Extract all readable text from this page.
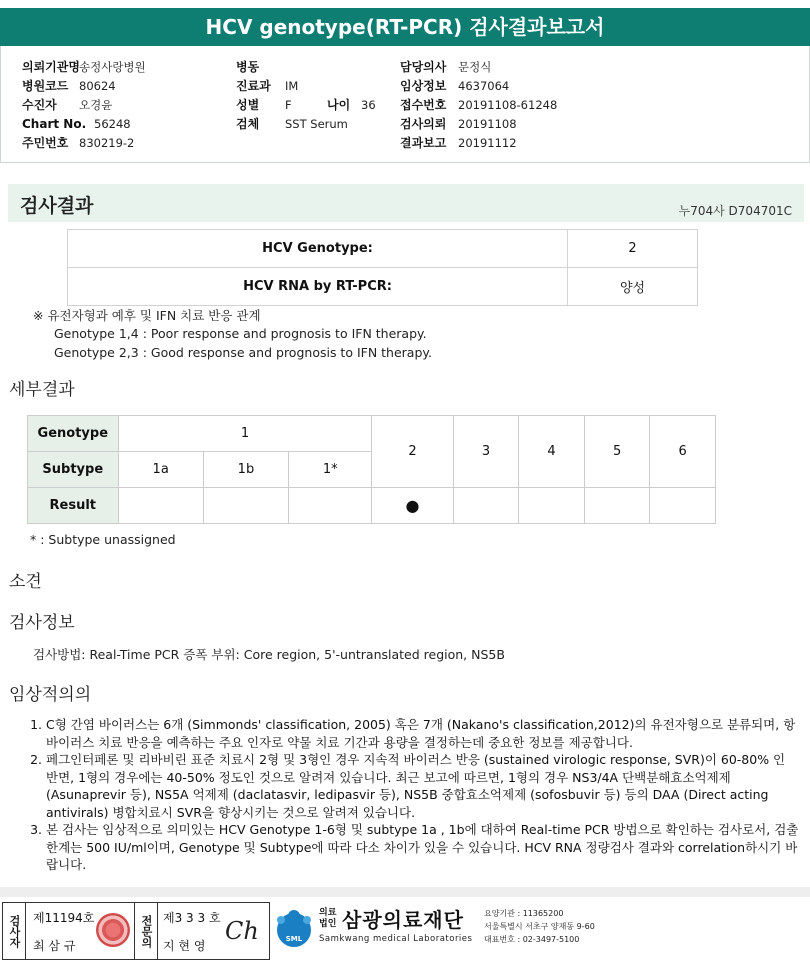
HCV genotype(RT-PCR) 검사결과보고서
의뢰기관명송정사랑병원
병원코드 80624
수진자 오경윤
Chart No. 56248
주민번호 830219-2
병동
진료과 IM
성별 F	나이 36
검체 SST Serum
담당의사 문정식
임상정보 4637064
접수번호 20191108-61248
검사의뢰 20191108
결과보고 20191112
검사결과	누704사 D704701C
HCV Genotype:	2
HCV RNA by RT-PCR:	양성
※ 유전자형과 예후 및 IFN 치료 반응 관계
Genotype 1,4 : Poor response and prognosis to IFN therapy.
Genotype 2,3 : Good response and prognosis to IFN therapy.
세부결과
Genotype	1			2	3	4	5	6
Subtype	1a	1b	1*					
Result				●				
* : Subtype unassigned
소견
검사정보
검사방법: Real-Time PCR 증폭 부위: Core region, 5'-untranslated region, NS5B
임상적의의
1. C형 간염 바이러스는 6개 (Simmonds' classification, 2005) 혹은 7개 (Nakano's classification,2012)의 유전자형으로 분류되며, 항바이러스 치료 반응을 예측하는 주요 인자로 약물 치료 기간과 용량을 결정하는데 중요한 정보를 제공합니다.
2. 페그인터페론 및 리바비린 표준 치료시 2형 및 3형인 경우 지속적 바이러스 반응 (sustained virologic response, SVR)이 60-80% 인 반면, 1형의 경우에는 40-50% 정도인 것으로 알려져 있습니다. 최근 보고에 따르면, 1형의 경우 NS3/4A 단백분해효소억제제 (Asunaprevir 등), NS5A 억제제 (daclatasvir, ledipasvir 등), NS5B 중합효소억제제 (sofosbuvir 등) 등의 DAA (Direct acting antivirals) 병합치료시 SVR을 향상시키는 것으로 알려져 있습니다.
3. 본 검사는 임상적으로 의미있는 HCV Genotype 1-6형 및 subtype 1a , 1b에 대하여 Real-time PCR 방법으로 확인하는 검사로서, 검출한계는 500 IU/ml이며, Genotype 및 Subtype에 따라 다소 차이가 있을 수 있습니다. HCV RNA 정량검사 결과와 correlation하시기 바랍니다.
검사자	제11194호
최 삼 규	전문의 제3 3 3 호
지 현 영
Ch	SML
의료
법인 삼광의료재단
Samkwang medical Laboratories
요양기관 : 11365200
서울특별시 서초구 양재동 9-60
대표번호 : 02-3497-5100
